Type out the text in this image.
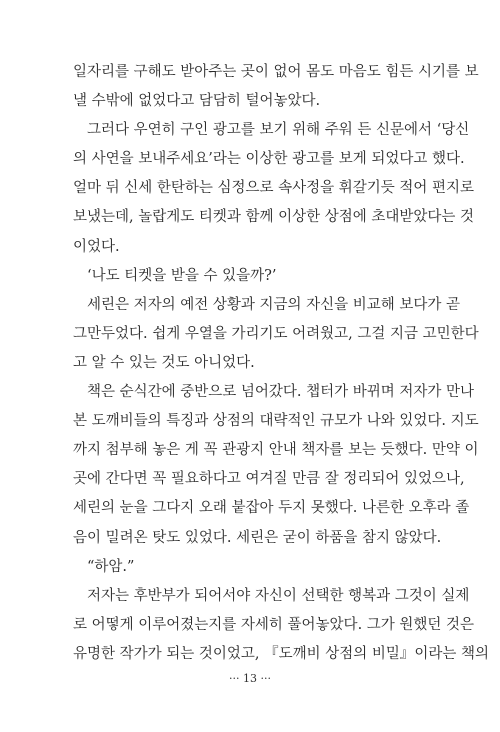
일자리를 구해도 받아주는 곳이 없어 몸도 마음도 힘든 시기를 보
낼 수밖에 없었다고 담담히 털어놓았다.
그러다 우연히 구인 광고를 보기 위해 주워 든 신문에서 ‘당신
의 사연을 보내주세요’라는 이상한 광고를 보게 되었다고 했다.
얼마 뒤 신세 한탄하는 심정으로 속사정을 휘갈기듯 적어 편지로
보냈는데, 놀랍게도 티켓과 함께 이상한 상점에 초대받았다는 것
이었다.
‘나도 티켓을 받을 수 있을까?’
세린은 저자의 예전 상황과 지금의 자신을 비교해 보다가 곧
그만두었다. 쉽게 우열을 가리기도 어려웠고, 그걸 지금 고민한다
고 알 수 있는 것도 아니었다.
책은 순식간에 중반으로 넘어갔다. 챕터가 바뀌며 저자가 만나
본 도깨비들의 특징과 상점의 대략적인 규모가 나와 있었다. 지도
까지 첨부해 놓은 게 꼭 관광지 안내 책자를 보는 듯했다. 만약 이
곳에 간다면 꼭 필요하다고 여겨질 만큼 잘 정리되어 있었으나,
세린의 눈을 그다지 오래 붙잡아 두지 못했다. 나른한 오후라 졸
음이 밀려온 탓도 있었다. 세린은 굳이 하품을 참지 않았다.
“하암.”
저자는 후반부가 되어서야 자신이 선택한 행복과 그것이 실제
로 어떻게 이루어졌는지를 자세히 풀어놓았다. 그가 원했던 것은
유명한 작가가 되는 것이었고, 『도깨비 상점의 비밀』이라는 책의
··· 13 ···
